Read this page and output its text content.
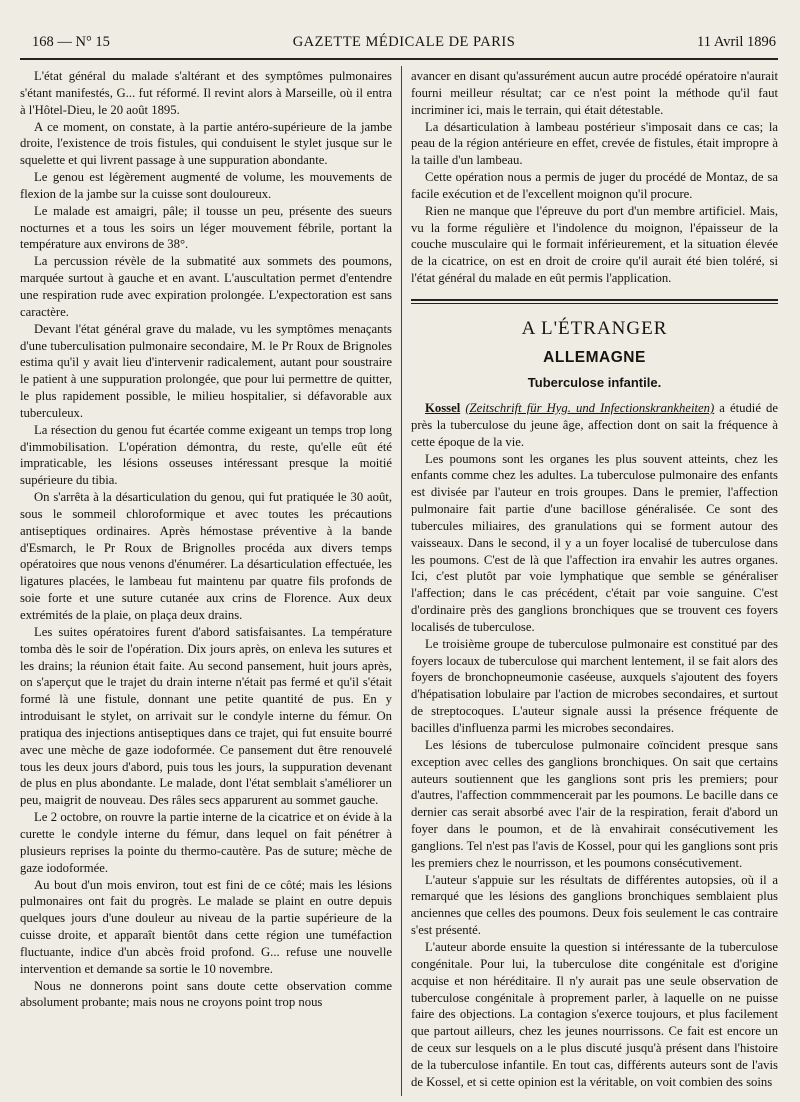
168 — N° 15	GAZETTE MÉDICALE DE PARIS	11 Avril 1896

L'état général du malade s'altérant et des symptômes pulmonaires s'étant manifestés, G... fut réformé. Il revint alors à Marseille, où il entra à l'Hôtel-Dieu, le 20 août 1895.

A ce moment, on constate, à la partie antéro-supérieure de la jambe droite, l'existence de trois fistules, qui conduisent le stylet jusque sur le squelette et qui livrent passage à une suppuration abondante.

Le genou est légèrement augmenté de volume, les mouvements de flexion de la jambe sur la cuisse sont douloureux.

Le malade est amaigri, pâle; il tousse un peu, présente des sueurs nocturnes et a tous les soirs un léger mouvement fébrile, portant la température aux environs de 38°.

La percussion révèle de la submatité aux sommets des poumons, marquée surtout à gauche et en avant. L'auscultation permet d'entendre une respiration rude avec expiration prolongée. L'expectoration est sans caractère.

Devant l'état général grave du malade, vu les symptômes menaçants d'une tuberculisation pulmonaire secondaire, M. le Pr Roux de Brignoles estima qu'il y avait lieu d'intervenir radicalement, autant pour soustraire le patient à une suppuration prolongée, que pour lui permettre de quitter, le plus rapidement possible, le milieu hospitalier, si défavorable aux tuberculeux.

La résection du genou fut écartée comme exigeant un temps trop long d'immobilisation. L'opération démontra, du reste, qu'elle eût été impraticable, les lésions osseuses intéressant presque la moitié supérieure du tibia.

On s'arrêta à la désarticulation du genou, qui fut pratiquée le 30 août, sous le sommeil chloroformique et avec toutes les précautions antiseptiques ordinaires. Après hémostase préventive à la bande d'Esmarch, le Pr Roux de Brignolles procéda aux divers temps opératoires que nous venons d'énumérer. La désarticulation effectuée, les ligatures placées, le lambeau fut maintenu par quatre fils profonds de soie forte et une suture cutanée aux crins de Florence. Aux deux extrémités de la plaie, on plaça deux drains.

Les suites opératoires furent d'abord satisfaisantes. La température tomba dès le soir de l'opération. Dix jours après, on enleva les sutures et les drains; la réunion était faite. Au second pansement, huit jours après, on s'aperçut que le trajet du drain interne n'était pas fermé et qu'il s'était formé là une fistule, donnant une petite quantité de pus. En y introduisant le stylet, on arrivait sur le condyle interne du fémur. On pratiqua des injections antiseptiques dans ce trajet, qui fut ensuite bourré avec une mèche de gaze iodoformée. Ce pansement dut être renouvelé tous les deux jours d'abord, puis tous les jours, la suppuration devenant de plus en plus abondante. Le malade, dont l'état semblait s'améliorer un peu, maigrit de nouveau. Des râles secs apparurent au sommet gauche.

Le 2 octobre, on rouvre la partie interne de la cicatrice et on évide à la curette le condyle interne du fémur, dans lequel on fait pénétrer à plusieurs reprises la pointe du thermo-cautère. Pas de suture; mèche de gaze iodoformée.

Au bout d'un mois environ, tout est fini de ce côté; mais les lésions pulmonaires ont fait du progrès. Le malade se plaint en outre depuis quelques jours d'une douleur au niveau de la partie supérieure de la cuisse droite, et apparaît bientôt dans cette région une tuméfaction fluctuante, indice d'un abcès froid profond. G... refuse une nouvelle intervention et demande sa sortie le 10 novembre.

Nous ne donnerons point sans doute cette observation comme absolument probante; mais nous ne croyons point trop nous

avancer en disant qu'assurément aucun autre procédé opératoire n'aurait fourni meilleur résultat; car ce n'est point la méthode qu'il faut incriminer ici, mais le terrain, qui était détestable.

La désarticulation à lambeau postérieur s'imposait dans ce cas; la peau de la région antérieure en effet, crevée de fistules, était impropre à la taille d'un lambeau.

Cette opération nous a permis de juger du procédé de Montaz, de sa facile exécution et de l'excellent moignon qu'il procure.

Rien ne manque que l'épreuve du port d'un membre artificiel. Mais, vu la forme régulière et l'indolence du moignon, l'épaisseur de la couche musculaire qui le formait inférieurement, et la situation élevée de la cicatrice, on est en droit de croire qu'il aurait été bien toléré, si l'état général du malade en eût permis l'application.

A L'ÉTRANGER
ALLEMAGNE
Tuberculose infantile.

Kossel (Zeitschrift für Hyg. und Infectionskrankheiten) a étudié de près la tuberculose du jeune âge, affection dont on sait la fréquence à cette époque de la vie.

Les poumons sont les organes les plus souvent atteints, chez les enfants comme chez les adultes. La tuberculose pulmonaire des enfants est divisée par l'auteur en trois groupes. Dans le premier, l'affection pulmonaire fait partie d'une bacillose généralisée. Ce sont des tubercules miliaires, des granulations qui se forment autour des vaisseaux. Dans le second, il y a un foyer localisé de tuberculose dans les poumons. C'est de là que l'affection ira envahir les autres organes. Ici, c'est plutôt par voie lymphatique que semble se généraliser l'affection; dans le cas précédent, c'était par voie sanguine. C'est d'ordinaire près des ganglions bronchiques que se trouvent ces foyers localisés de tuberculose.

Le troisième groupe de tuberculose pulmonaire est constitué par des foyers locaux de tuberculose qui marchent lentement, il se fait alors des foyers de bronchopneumonie caséeuse, auxquels s'ajoutent des foyers d'hépatisation lobulaire par l'action de microbes secondaires, et surtout de streptocoques. L'auteur signale aussi la présence fréquente de bacilles d'influenza parmi les microbes secondaires.

Les lésions de tuberculose pulmonaire coïncident presque sans exception avec celles des ganglions bronchiques. On sait que certains auteurs soutiennent que les ganglions sont pris les premiers; pour d'autres, l'affection commmencerait par les poumons. Le bacille dans ce dernier cas serait absorbé avec l'air de la respiration, ferait d'abord un foyer dans le poumon, et de là envahirait consécutivement les ganglions. Tel n'est pas l'avis de Kossel, pour qui les ganglions sont pris les premiers chez le nourrisson, et les poumons consécutivement.

L'auteur s'appuie sur les résultats de différentes autopsies, où il a remarqué que les lésions des ganglions bronchiques semblaient plus anciennes que celles des poumons. Deux fois seulement le cas contraire s'est présenté.

L'auteur aborde ensuite la question si intéressante de la tuberculose congénitale. Pour lui, la tuberculose dite congénitale est d'origine acquise et non héréditaire. Il n'y aurait pas une seule observation de tuberculose congénitale à proprement parler, à laquelle on ne puisse faire des objections. La contagion s'exerce toujours, et plus facilement que partout ailleurs, chez les jeunes nourrissons. Ce fait est encore un de ceux sur lesquels on a le plus discuté jusqu'à présent dans l'histoire de la tuberculose infantile. En tout cas, différents auteurs sont de l'avis de Kossel, et si cette opinion est la véritable, on voit combien des soins
